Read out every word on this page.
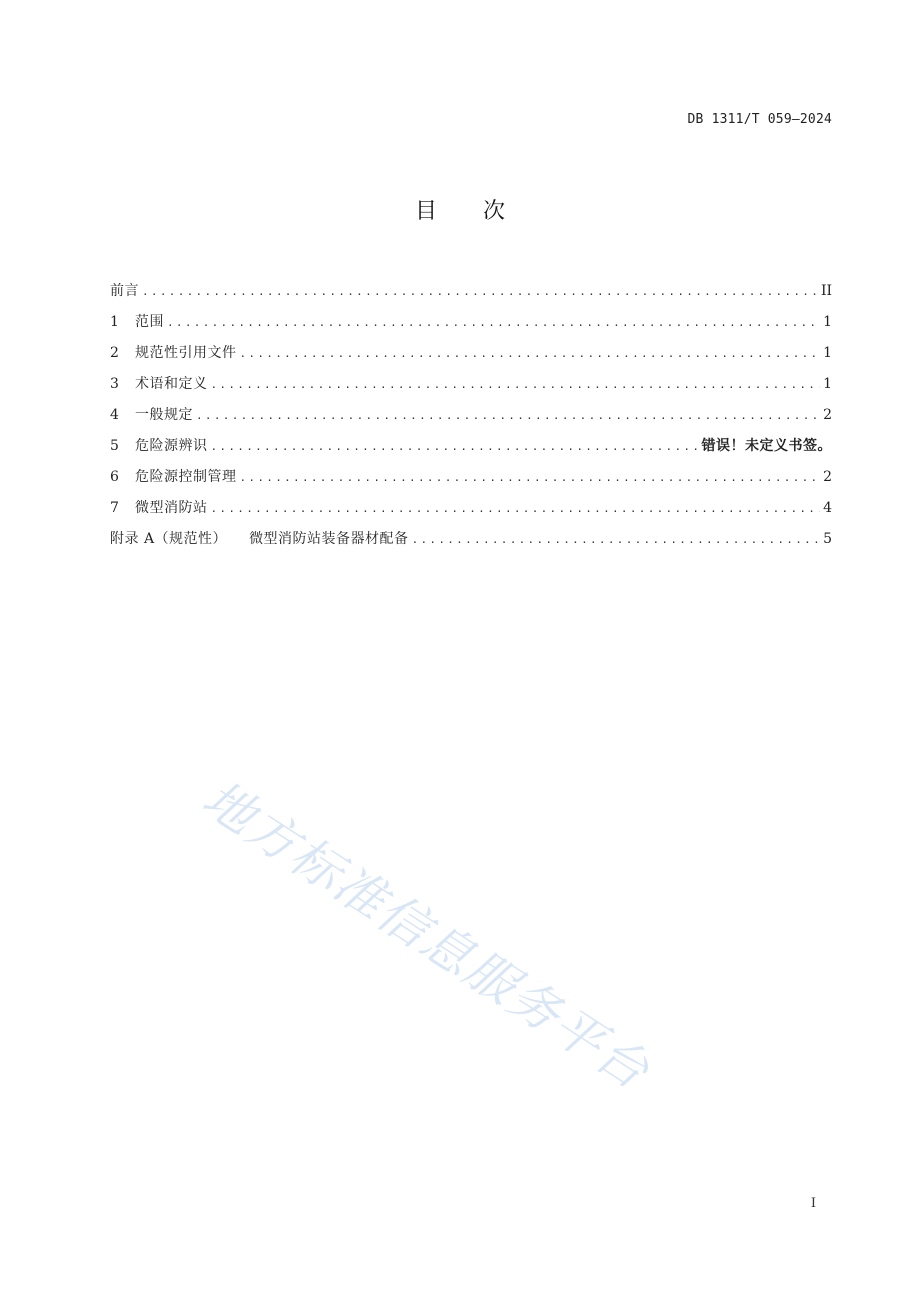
DB 1311/T 059—2024
目 次
前言 .....	II
1	范围 .....	1
2	规范性引用文件 .....	1
3	术语和定义 .....	1
4	一般规定 .....	2
5	危险源辨识 .....	错误！未定义书签。
6	危险源控制管理 .....	2
7	微型消防站 .....	4
附录 A（规范性） 微型消防站装备器材配备 .....	5
地方标准信息服务平台
I
